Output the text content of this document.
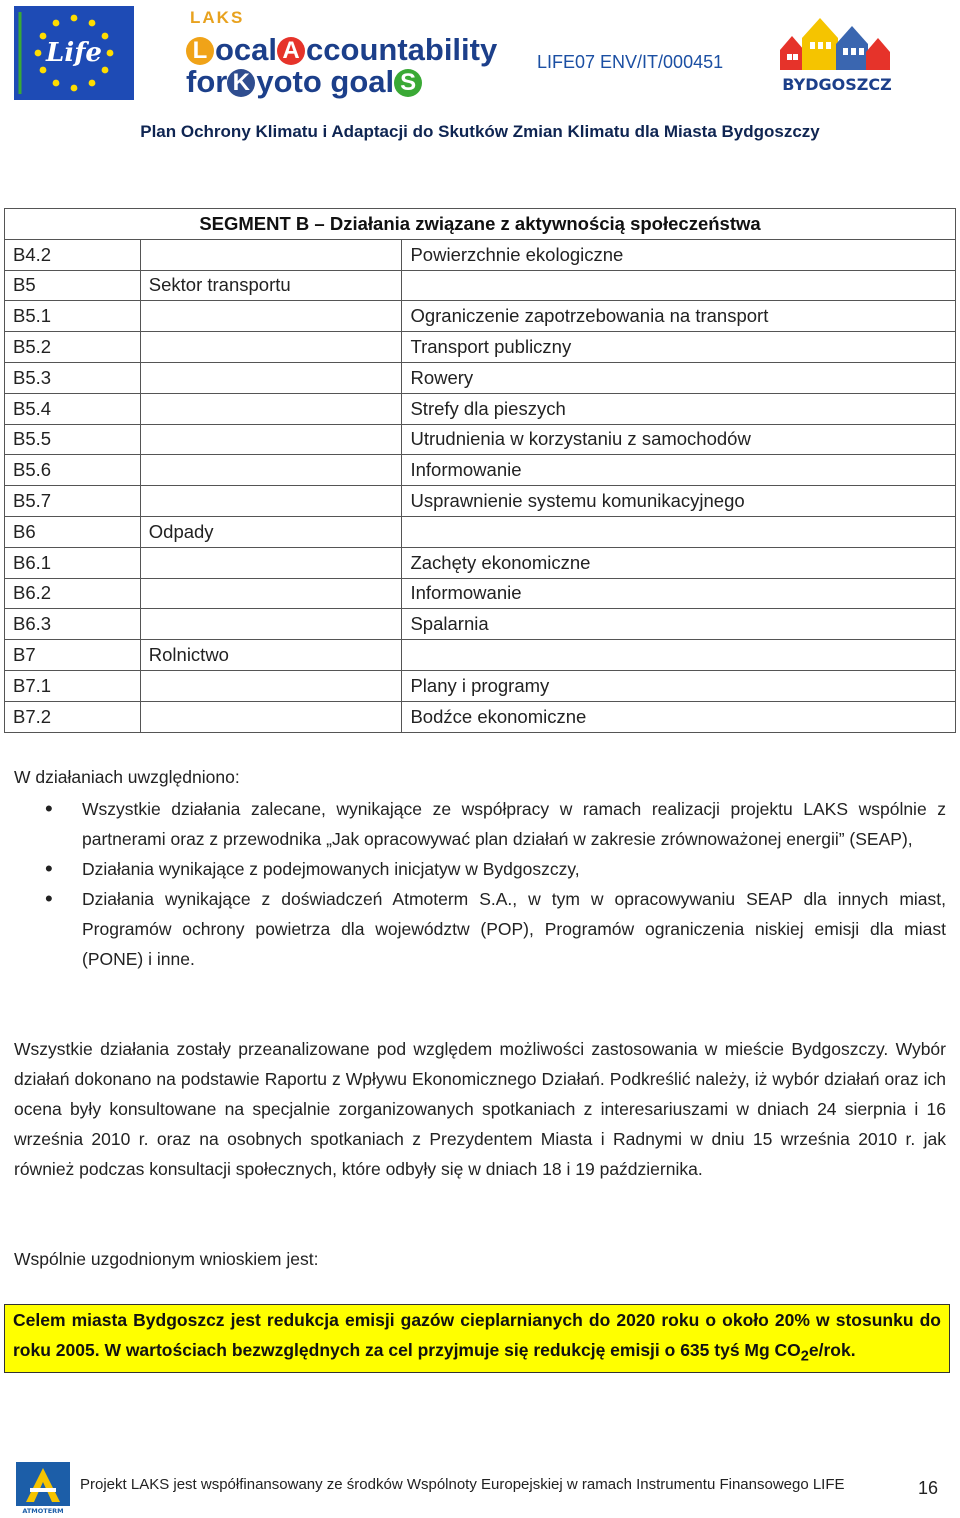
Life
LAKS
L ocal A ccountability
for K yoto goal S
LIFE07 ENV/IT/000451
BYDGOSZCZ
Plan Ochrony Klimatu i Adaptacji do Skutków Zmian Klimatu dla Miasta Bydgoszczy
SEGMENT B – Działania związane z aktywnością społeczeństwa		
B4.2		Powierzchnie ekologiczne
B5	Sektor transportu	
B5.1		Ograniczenie zapotrzebowania na transport
B5.2		Transport publiczny
B5.3		Rowery
B5.4		Strefy dla pieszych
B5.5		Utrudnienia w korzystaniu z samochodów
B5.6		Informowanie
B5.7		Usprawnienie systemu komunikacyjnego
B6	Odpady	
B6.1		Zachęty ekonomiczne
B6.2		Informowanie
B6.3		Spalarnia
B7	Rolnictwo	
B7.1		Plany i programy
B7.2		Bodźce ekonomiczne
W działaniach uwzględniono:
• Wszystkie działania zalecane, wynikające ze współpracy w ramach realizacji projektu LAKS wspólnie z partnerami oraz z przewodnika „Jak opracowywać plan działań w zakresie zrównoważonej energii” (SEAP),
• Działania wynikające z podejmowanych inicjatyw w Bydgoszczy,
• Działania wynikające z doświadczeń Atmoterm S.A., w tym w opracowywaniu SEAP dla innych miast, Programów ochrony powietrza dla województw (POP), Programów ograniczenia niskiej emisji dla miast (PONE) i inne.
Wszystkie działania zostały przeanalizowane pod względem możliwości zastosowania w mieście Bydgoszczy. Wybór działań dokonano na podstawie Raportu z Wpływu Ekonomicznego Działań. Podkreślić należy, iż wybór działań oraz ich ocena były konsultowane na specjalnie zorganizowanych spotkaniach z interesariuszami w dniach 24 sierpnia i 16 września 2010 r. oraz na osobnych spotkaniach z Prezydentem Miasta i Radnymi w dniu 15 września 2010 r. jak również podczas konsultacji społecznych, które odbyły się w dniach 18 i 19 października.
Wspólnie uzgodnionym wnioskiem jest:
Celem miasta Bydgoszcz jest redukcja emisji gazów cieplarnianych do 2020 roku o około 20% w stosunku do roku 2005. W wartościach bezwzględnych za cel przyjmuje się redukcję emisji o 635 tyś Mg $CO_2e$/rok.
ATMOTERM
Projekt LAKS jest współfinansowany ze środków Wspólnoty Europejskiej w ramach Instrumentu Finansowego LIFE	16
